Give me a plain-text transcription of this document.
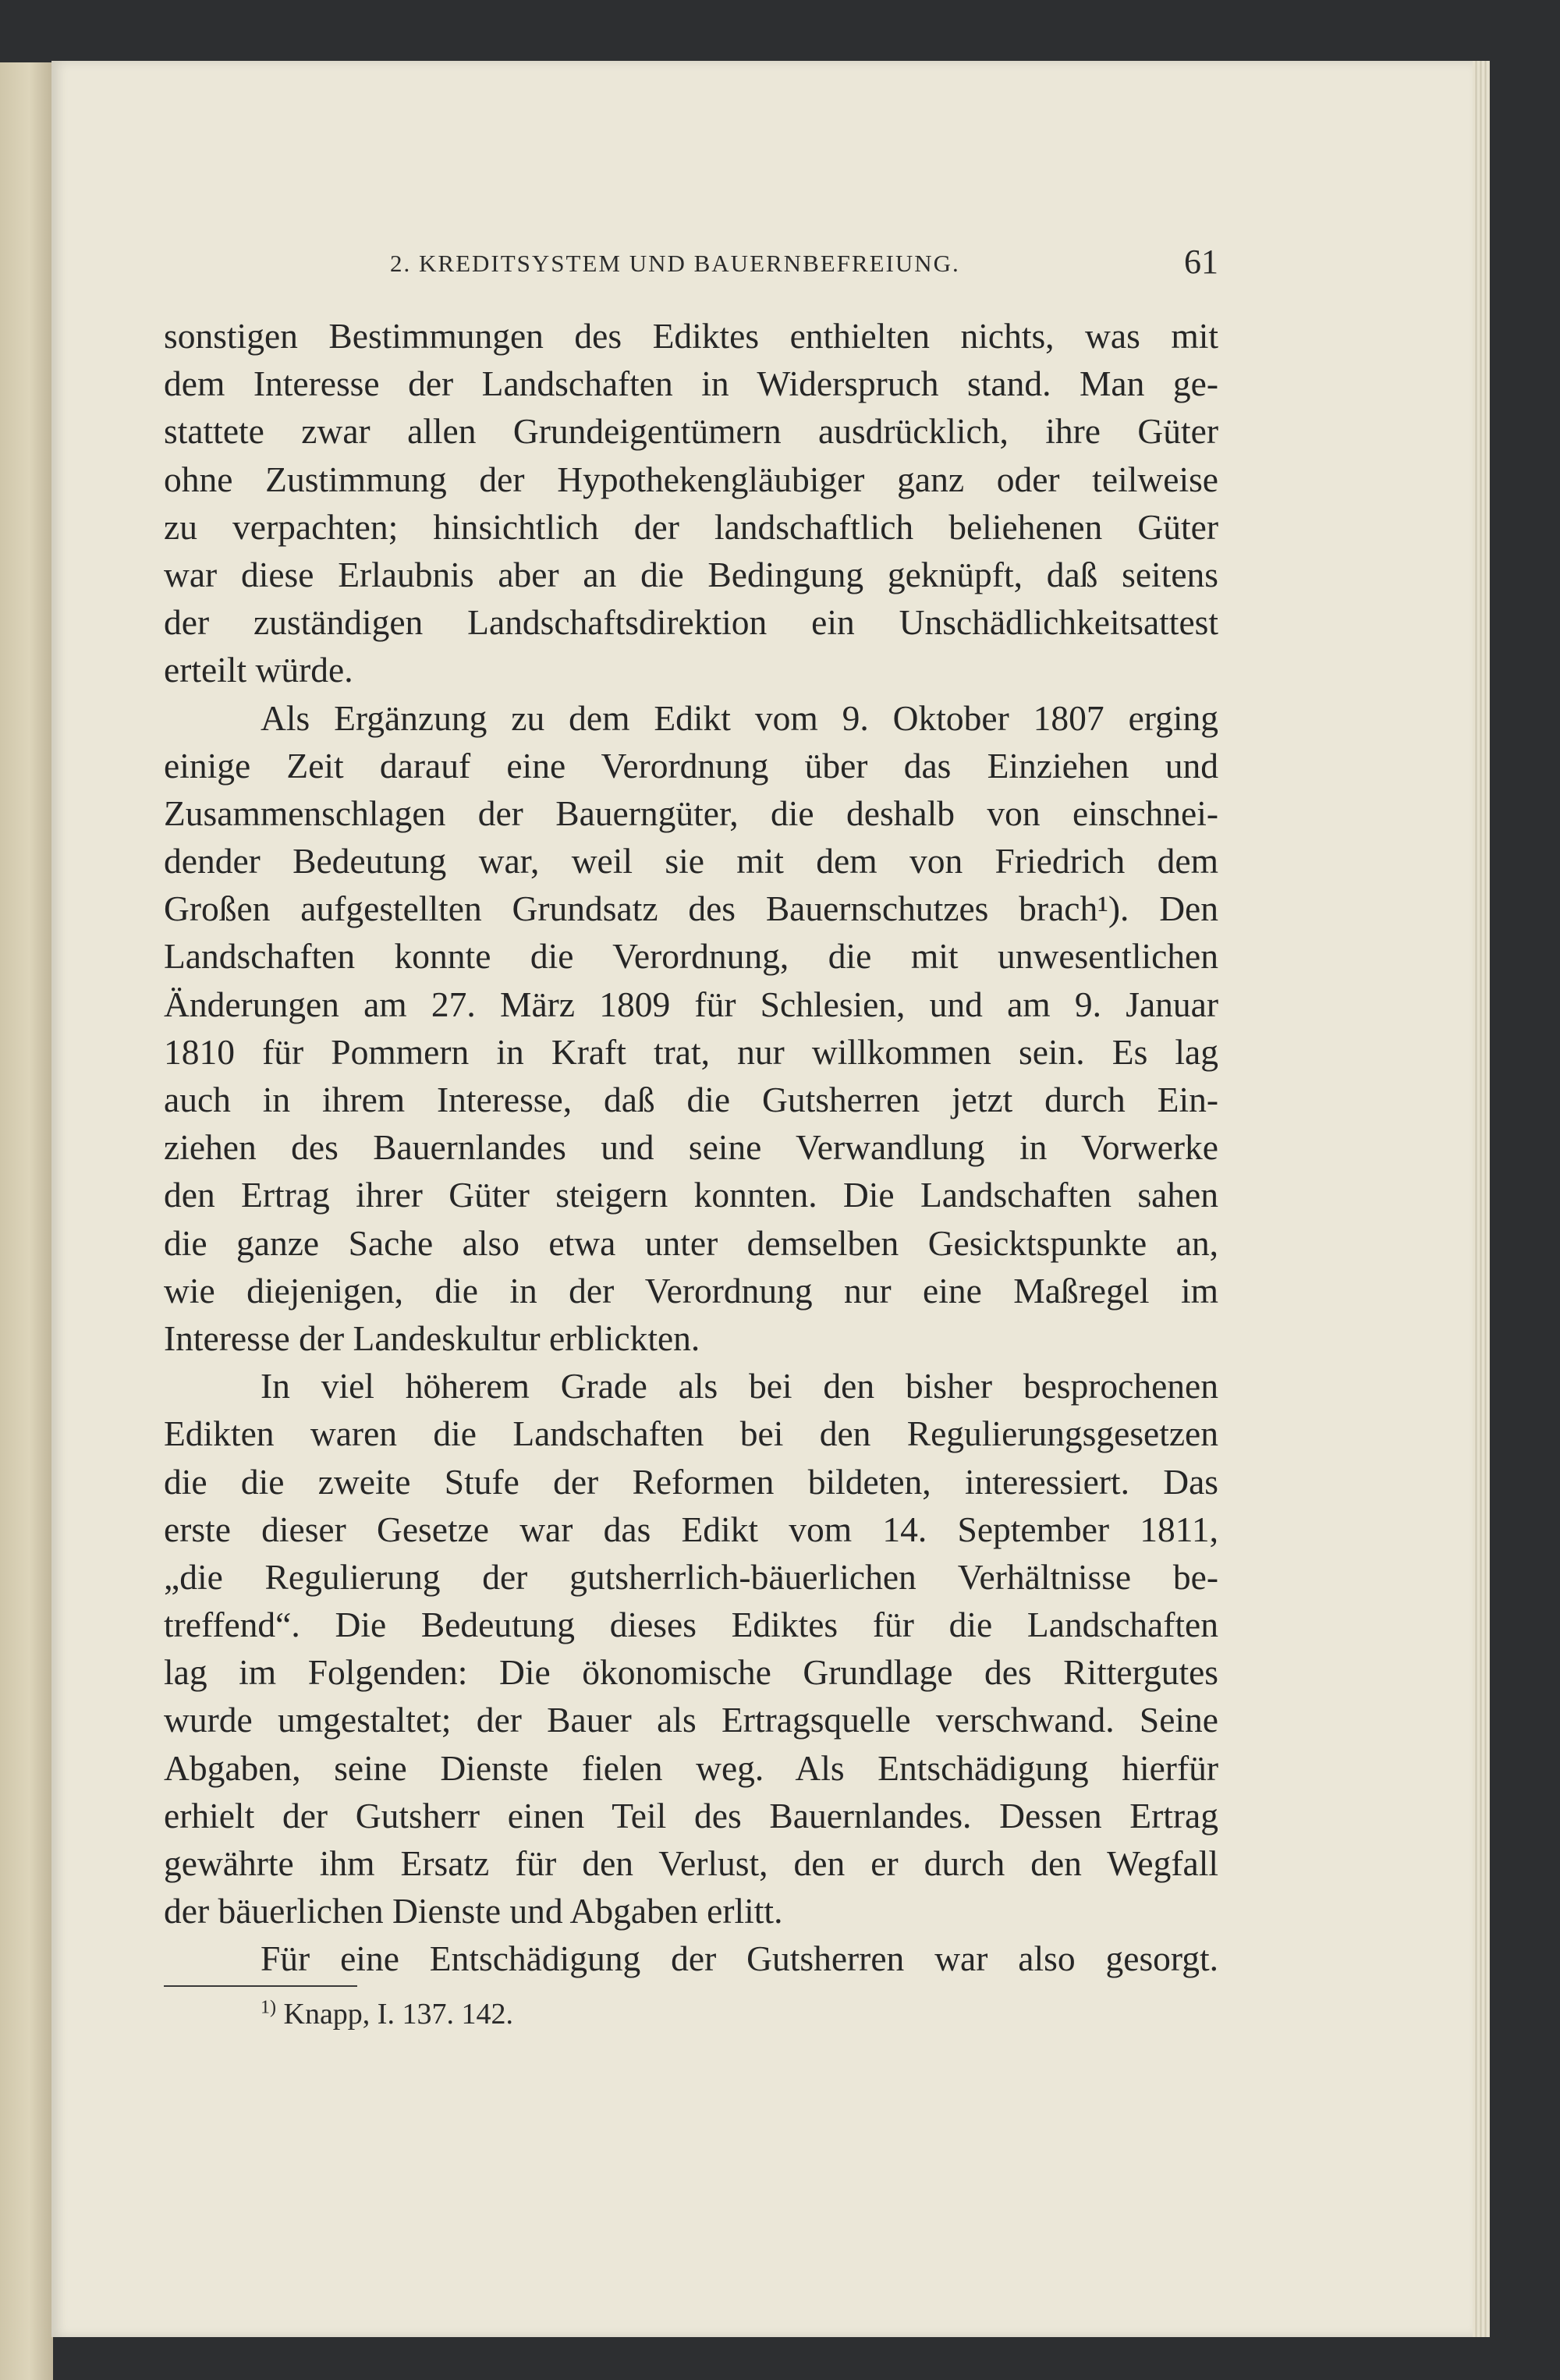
2. KREDITSYSTEM UND BAUERNBEFREIUNG.	61
sonstigen Bestimmungen des Ediktes enthielten nichts, was mit
dem Interesse der Landschaften in Widerspruch stand. Man ge-
stattete zwar allen Grundeigentümern ausdrücklich, ihre Güter
ohne Zustimmung der Hypothekengläubiger ganz oder teilweise
zu verpachten; hinsichtlich der landschaftlich beliehenen Güter
war diese Erlaubnis aber an die Bedingung geknüpft, daß seitens
der zuständigen Landschaftsdirektion ein Unschädlichkeitsattest
erteilt würde.
Als Ergänzung zu dem Edikt vom 9. Oktober 1807 erging
einige Zeit darauf eine Verordnung über das Einziehen und
Zusammenschlagen der Bauerngüter, die deshalb von einschnei-
dender Bedeutung war, weil sie mit dem von Friedrich dem
Großen aufgestellten Grundsatz des Bauernschutzes brach¹). Den
Landschaften konnte die Verordnung, die mit unwesentlichen
Änderungen am 27. März 1809 für Schlesien, und am 9. Januar
1810 für Pommern in Kraft trat, nur willkommen sein. Es lag
auch in ihrem Interesse, daß die Gutsherren jetzt durch Ein-
ziehen des Bauernlandes und seine Verwandlung in Vorwerke
den Ertrag ihrer Güter steigern konnten. Die Landschaften sahen
die ganze Sache also etwa unter demselben Gesicktspunkte an,
wie diejenigen, die in der Verordnung nur eine Maßregel im
Interesse der Landeskultur erblickten.
In viel höherem Grade als bei den bisher besprochenen
Edikten waren die Landschaften bei den Regulierungsgesetzen
die die zweite Stufe der Reformen bildeten, interessiert. Das
erste dieser Gesetze war das Edikt vom 14. September 1811,
„die Regulierung der gutsherrlich-bäuerlichen Verhältnisse be-
treffend“. Die Bedeutung dieses Ediktes für die Landschaften
lag im Folgenden: Die ökonomische Grundlage des Rittergutes
wurde umgestaltet; der Bauer als Ertragsquelle verschwand. Seine
Abgaben, seine Dienste fielen weg. Als Entschädigung hierfür
erhielt der Gutsherr einen Teil des Bauernlandes. Dessen Ertrag
gewährte ihm Ersatz für den Verlust, den er durch den Wegfall
der bäuerlichen Dienste und Abgaben erlitt.
Für eine Entschädigung der Gutsherren war also gesorgt.
$^{1)}$ Knapp, I. 137. 142.
